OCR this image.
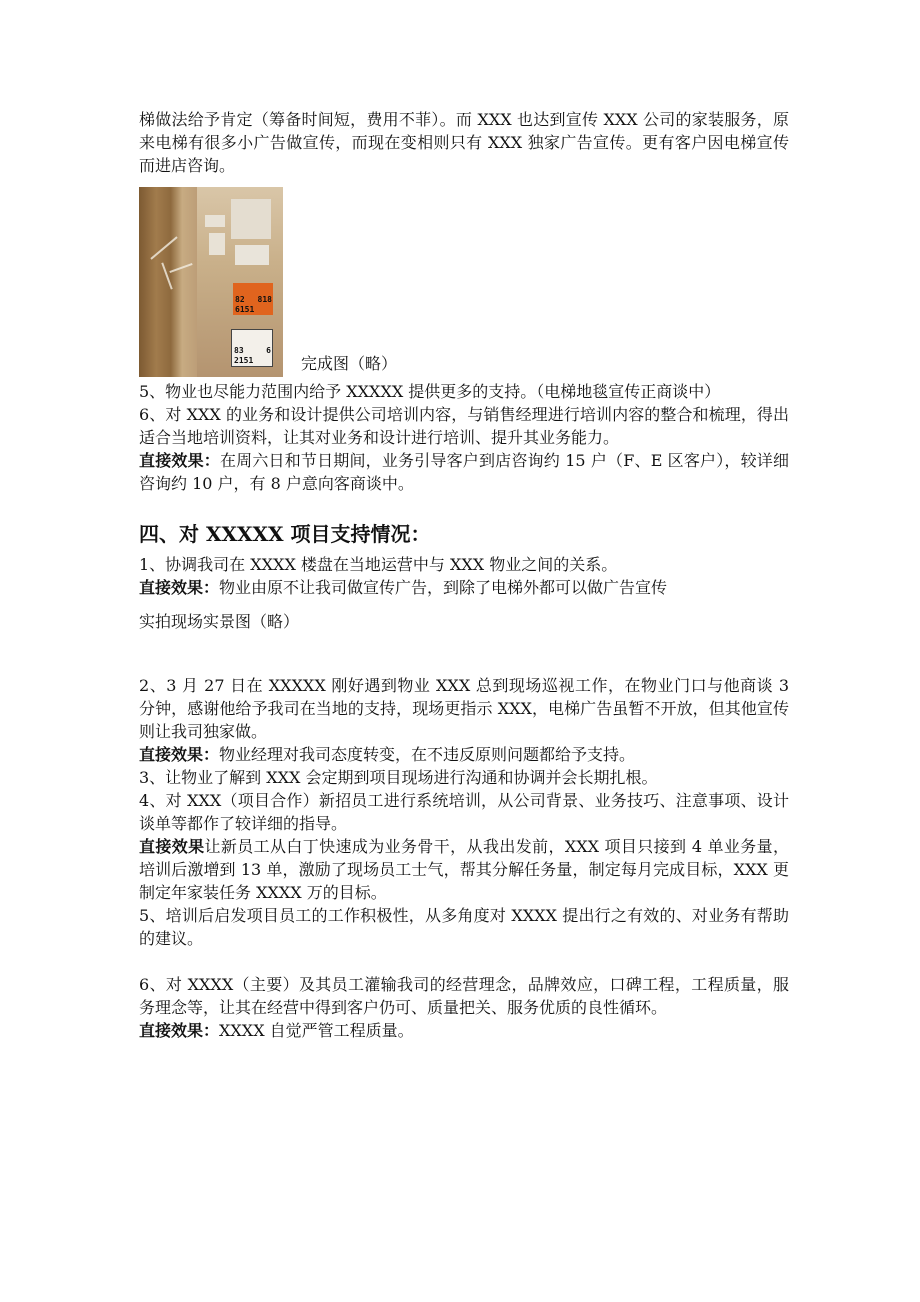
梯做法给予肯定（筹备时间短，费用不菲）。而 XXX 也达到宣传 XXX 公司的家装服务，原来电梯有很多小广告做宣传，而现在变相则只有 XXX 独家广告宣传。更有客户因电梯宣传而进店咨询。

82 818 6151
83 6 2151	完成图（略）

5、物业也尽能力范围内给予 XXXXX 提供更多的支持。（电梯地毯宣传正商谈中）

6、对 XXX 的业务和设计提供公司培训内容，与销售经理进行培训内容的整合和梳理，得出适合当地培训资料，让其对业务和设计进行培训、提升其业务能力。

直接效果：在周六日和节日期间，业务引导客户到店咨询约 15 户（F、E 区客户），较详细咨询约 10 户，有 8 户意向客商谈中。

四、对 XXXXX 项目支持情况：

1、协调我司在 XXXX 楼盘在当地运营中与 XXX 物业之间的关系。

直接效果：物业由原不让我司做宣传广告，到除了电梯外都可以做广告宣传

实拍现场实景图（略）

2、3 月 27 日在 XXXXX 刚好遇到物业 XXX 总到现场巡视工作，在物业门口与他商谈 3 分钟，感谢他给予我司在当地的支持，现场更指示 XXX，电梯广告虽暂不开放，但其他宣传则让我司独家做。

直接效果：物业经理对我司态度转变，在不违反原则问题都给予支持。

3、让物业了解到 XXX 会定期到项目现场进行沟通和协调并会长期扎根。

4、对 XXX（项目合作）新招员工进行系统培训，从公司背景、业务技巧、注意事项、设计谈单等都作了较详细的指导。

直接效果让新员工从白丁快速成为业务骨干，从我出发前，XXX 项目只接到 4 单业务量，培训后激增到 13 单，激励了现场员工士气，帮其分解任务量，制定每月完成目标，XXX 更制定年家装任务 XXXX 万的目标。

5、培训后启发项目员工的工作积极性，从多角度对 XXXX 提出行之有效的、对业务有帮助的建议。

6、对 XXXX（主要）及其员工灌输我司的经营理念，品牌效应，口碑工程，工程质量，服务理念等，让其在经营中得到客户仍可、质量把关、服务优质的良性循环。

直接效果：XXXX 自觉严管工程质量。
